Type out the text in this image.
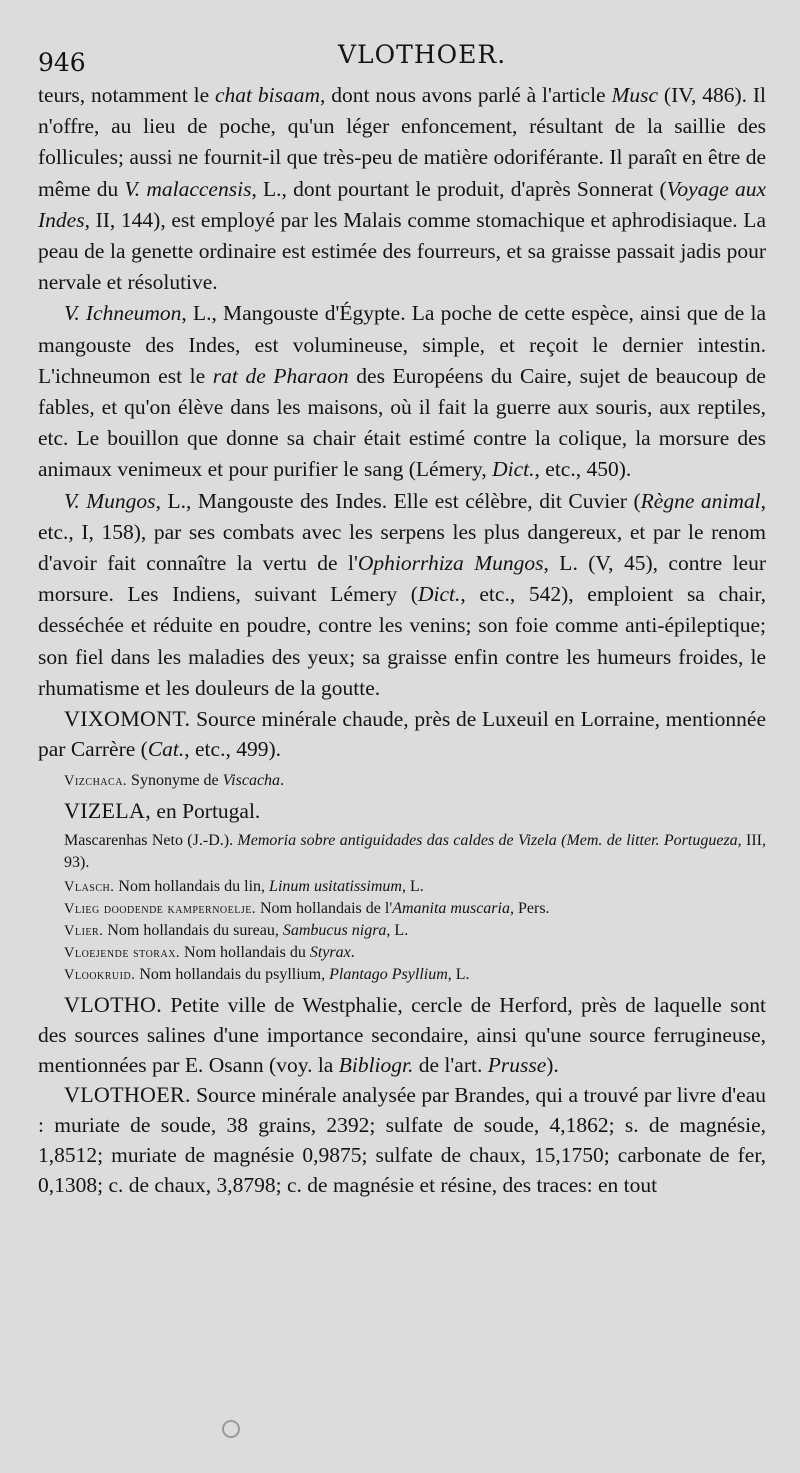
946	VLOTHOER.

teurs, notamment le chat bisaam, dont nous avons parlé à l'article Musc (IV, 486). Il n'offre, au lieu de poche, qu'un léger enfoncement, résultant de la saillie des follicules; aussi ne fournit-il que très-peu de matière odoriférante. Il paraît en être de même du V. malaccensis, L., dont pourtant le produit, d'après Sonnerat (Voyage aux Indes, II, 144), est employé par les Malais comme stomachique et aphrodisiaque. La peau de la genette ordinaire est estimée des fourreurs, et sa graisse passait jadis pour nervale et résolutive.

V. Ichneumon, L., Mangouste d'Égypte. La poche de cette espèce, ainsi que de la mangouste des Indes, est volumineuse, simple, et reçoit le dernier intestin. L'ichneumon est le rat de Pharaon des Européens du Caire, sujet de beaucoup de fables, et qu'on élève dans les maisons, où il fait la guerre aux souris, aux reptiles, etc. Le bouillon que donne sa chair était estimé contre la colique, la morsure des animaux venimeux et pour purifier le sang (Lémery, Dict., etc., 450).

V. Mungos, L., Mangouste des Indes. Elle est célèbre, dit Cuvier (Règne animal, etc., I, 158), par ses combats avec les serpens les plus dangereux, et par le renom d'avoir fait connaître la vertu de l'Ophiorrhiza Mungos, L. (V, 45), contre leur morsure. Les Indiens, suivant Lémery (Dict., etc., 542), emploient sa chair, desséchée et réduite en poudre, contre les venins; son foie comme anti-épileptique; son fiel dans les maladies des yeux; sa graisse enfin contre les humeurs froides, le rhumatisme et les douleurs de la goutte.

VIXOMONT. Source minérale chaude, près de Luxeuil en Lorraine, mentionnée par Carrère (Cat., etc., 499).

Vizchaca. Synonyme de Viscacha.

VIZELA, en Portugal.

Mascarenhas Neto (J.-D.). Memoria sobre antiguidades das caldes de Vizela (Mem. de litter. Portugueza, III, 93).

Vlasch. Nom hollandais du lin, Linum usitatissimum, L.

Vlieg doodende kampernoelje. Nom hollandais de l'Amanita muscaria, Pers.

Vlier. Nom hollandais du sureau, Sambucus nigra, L.

Vloejende storax. Nom hollandais du Styrax.

Vlookruid. Nom hollandais du psyllium, Plantago Psyllium, L.

VLOTHO. Petite ville de Westphalie, cercle de Herford, près de laquelle sont des sources salines d'une importance secondaire, ainsi qu'une source ferrugineuse, mentionnées par E. Osann (voy. la Bibliogr. de l'art. Prusse).

VLOTHOER. Source minérale analysée par Brandes, qui a trouvé par livre d'eau : muriate de soude, 38 grains, 2392; sulfate de soude, 4,1862; s. de magnésie, 1,8512; muriate de magnésie 0,9875; sulfate de chaux, 15,1750; carbonate de fer, 0,1308; c. de chaux, 3,8798; c. de magnésie et résine, des traces: en tout
